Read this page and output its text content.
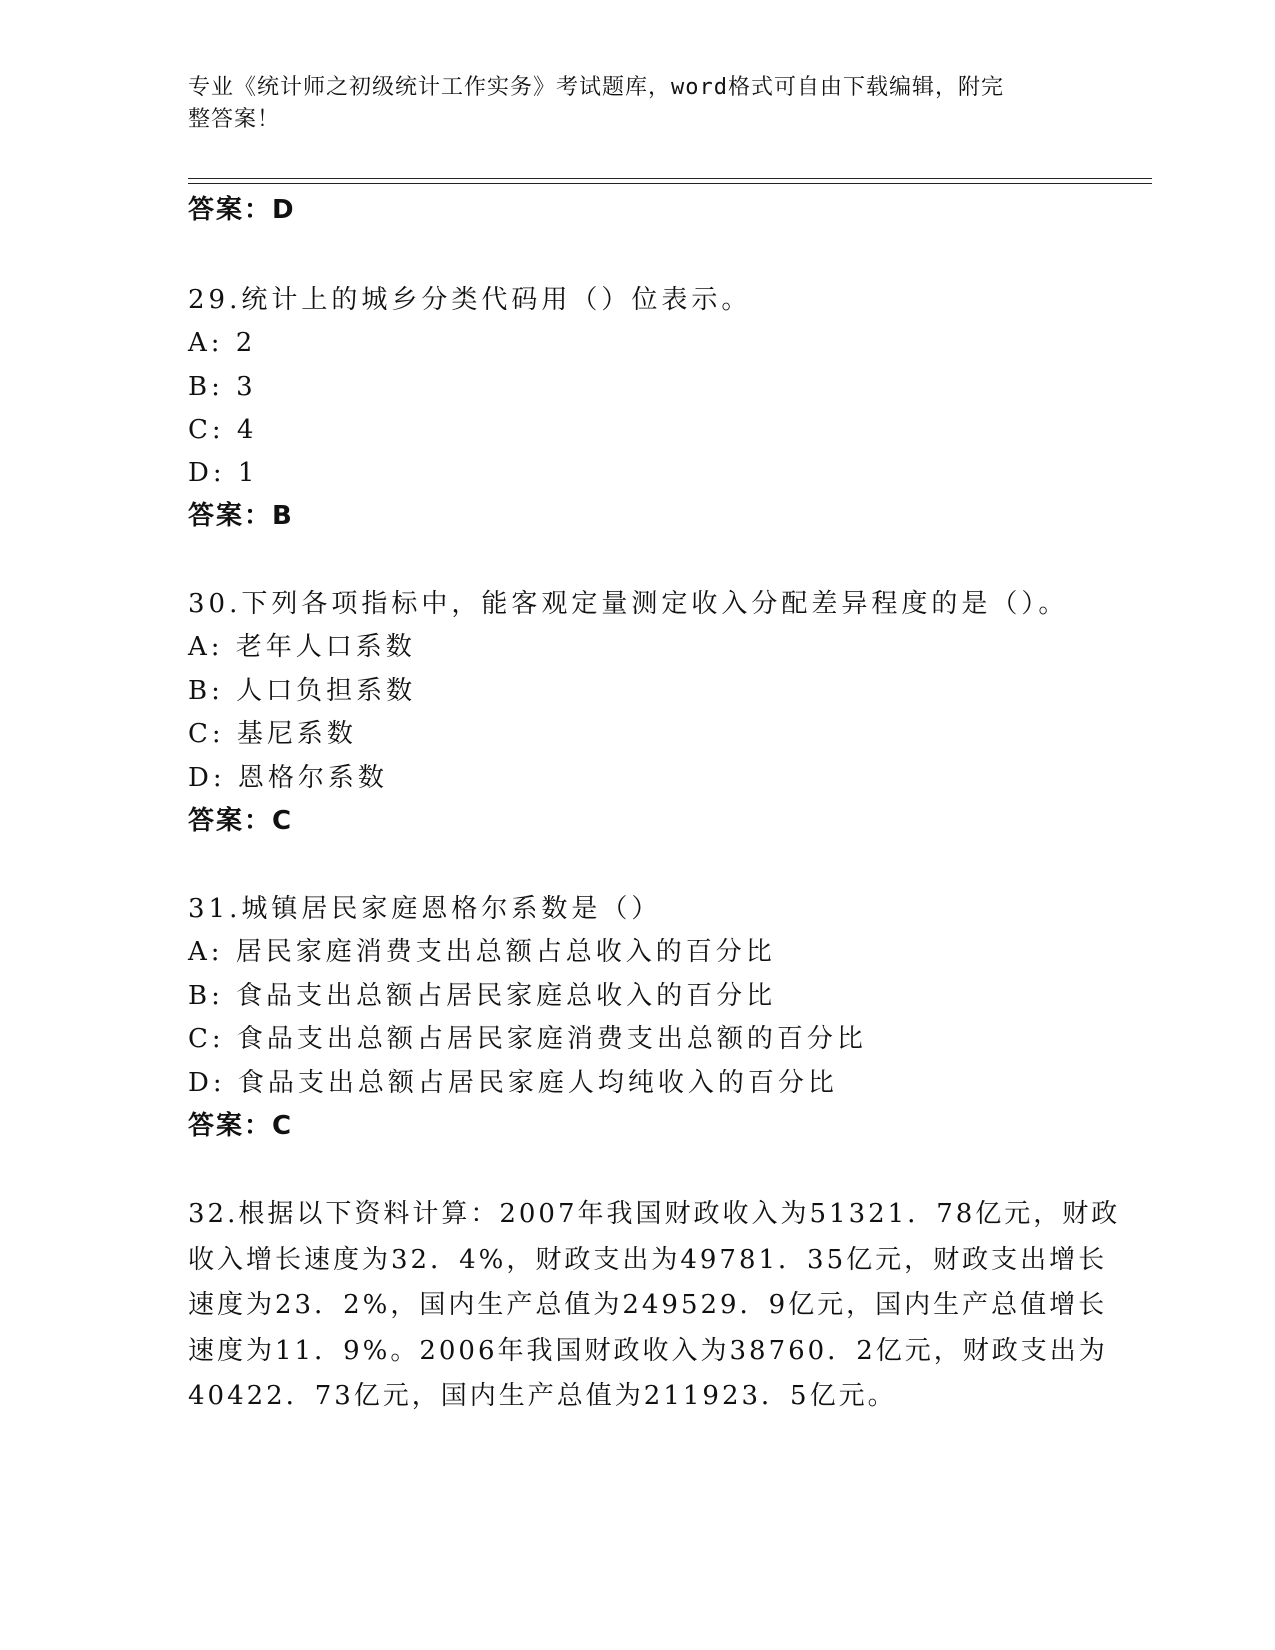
专业《统计师之初级统计工作实务》考试题库，word格式可自由下载编辑，附完
整答案！
答案：D
29.统计上的城乡分类代码用（）位表示。
A: 2
B: 3
C: 4
D: 1
答案：B
30.下列各项指标中，能客观定量测定收入分配差异程度的是（）。
A: 老年人口系数
B: 人口负担系数
C: 基尼系数
D: 恩格尔系数
答案：C
31.城镇居民家庭恩格尔系数是（）
A: 居民家庭消费支出总额占总收入的百分比
B: 食品支出总额占居民家庭总收入的百分比
C: 食品支出总额占居民家庭消费支出总额的百分比
D: 食品支出总额占居民家庭人均纯收入的百分比
答案：C
32.根据以下资料计算：2007年我国财政收入为51321．78亿元，财政
收入增长速度为32．4%，财政支出为49781．35亿元，财政支出增长
速度为23．2%，国内生产总值为249529．9亿元，国内生产总值增长
速度为11．9%。2006年我国财政收入为38760．2亿元，财政支出为
40422．73亿元，国内生产总值为211923．5亿元。
